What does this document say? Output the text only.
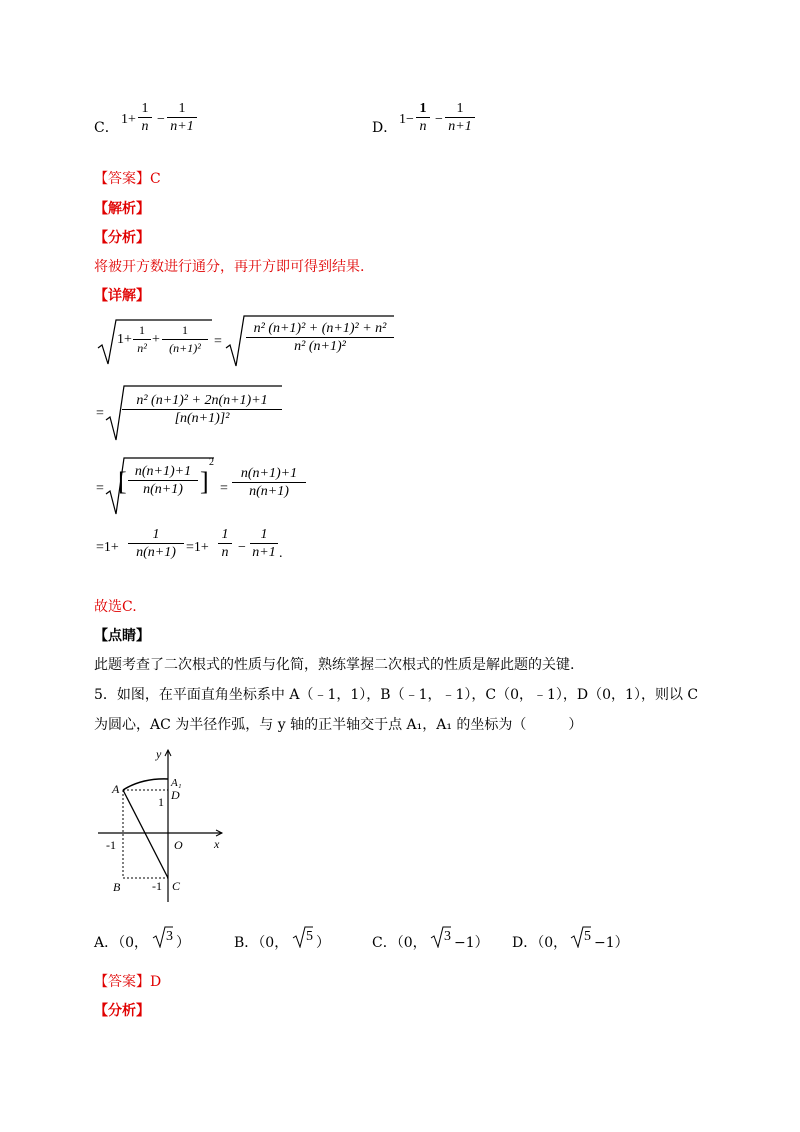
C．
$1+ \frac{1}{n} - \frac{1}{n+1}$	D．
$1- \frac{1}{n} - \frac{1}{n+1}$
【答案】C
【解析】
【分析】
将被开方数进行通分，再开方即可得到结果.
【详解】
$1+ \frac{1}{\text{n²}} + \frac{1}{\text{(n+1)²}} = \frac{\text{n² (n+1)² + (n+1)² + n²}}{\text{n² (n+1)²}}$
= $\frac{\text{n² (n+1)² + 2n(n+1)+1}}{\text{[n(n+1)]²}}$
= [ $\frac{n(n+1)+1}{n(n+1)}$ ]
2
= $\frac{n(n+1)+1}{n(n+1)}$
$=1+ \frac{1}{n(n+1)} =1+ \frac{1}{n} - \frac{1}{n+1}$ .
故选C.
【点睛】
此题考查了二次根式的性质与化简，熟练掌握二次根式的性质是解此题的关键.
5．如图，在平面直角坐标系中 A（﹣1，1），B（﹣1，﹣1），C（0，﹣1），D（0，1），则以 C
为圆心，AC 为半径作弧，与 y 轴的正半轴交于点 A₁，A₁ 的坐标为（　　　）
y
x
A	A₁
D
1
-1	O
B	-1 C
A．（0， 3 ）	B．（0， 5 ）	C．（0， 3 −1） D．（0， 5 −1）
【答案】D
【分析】
